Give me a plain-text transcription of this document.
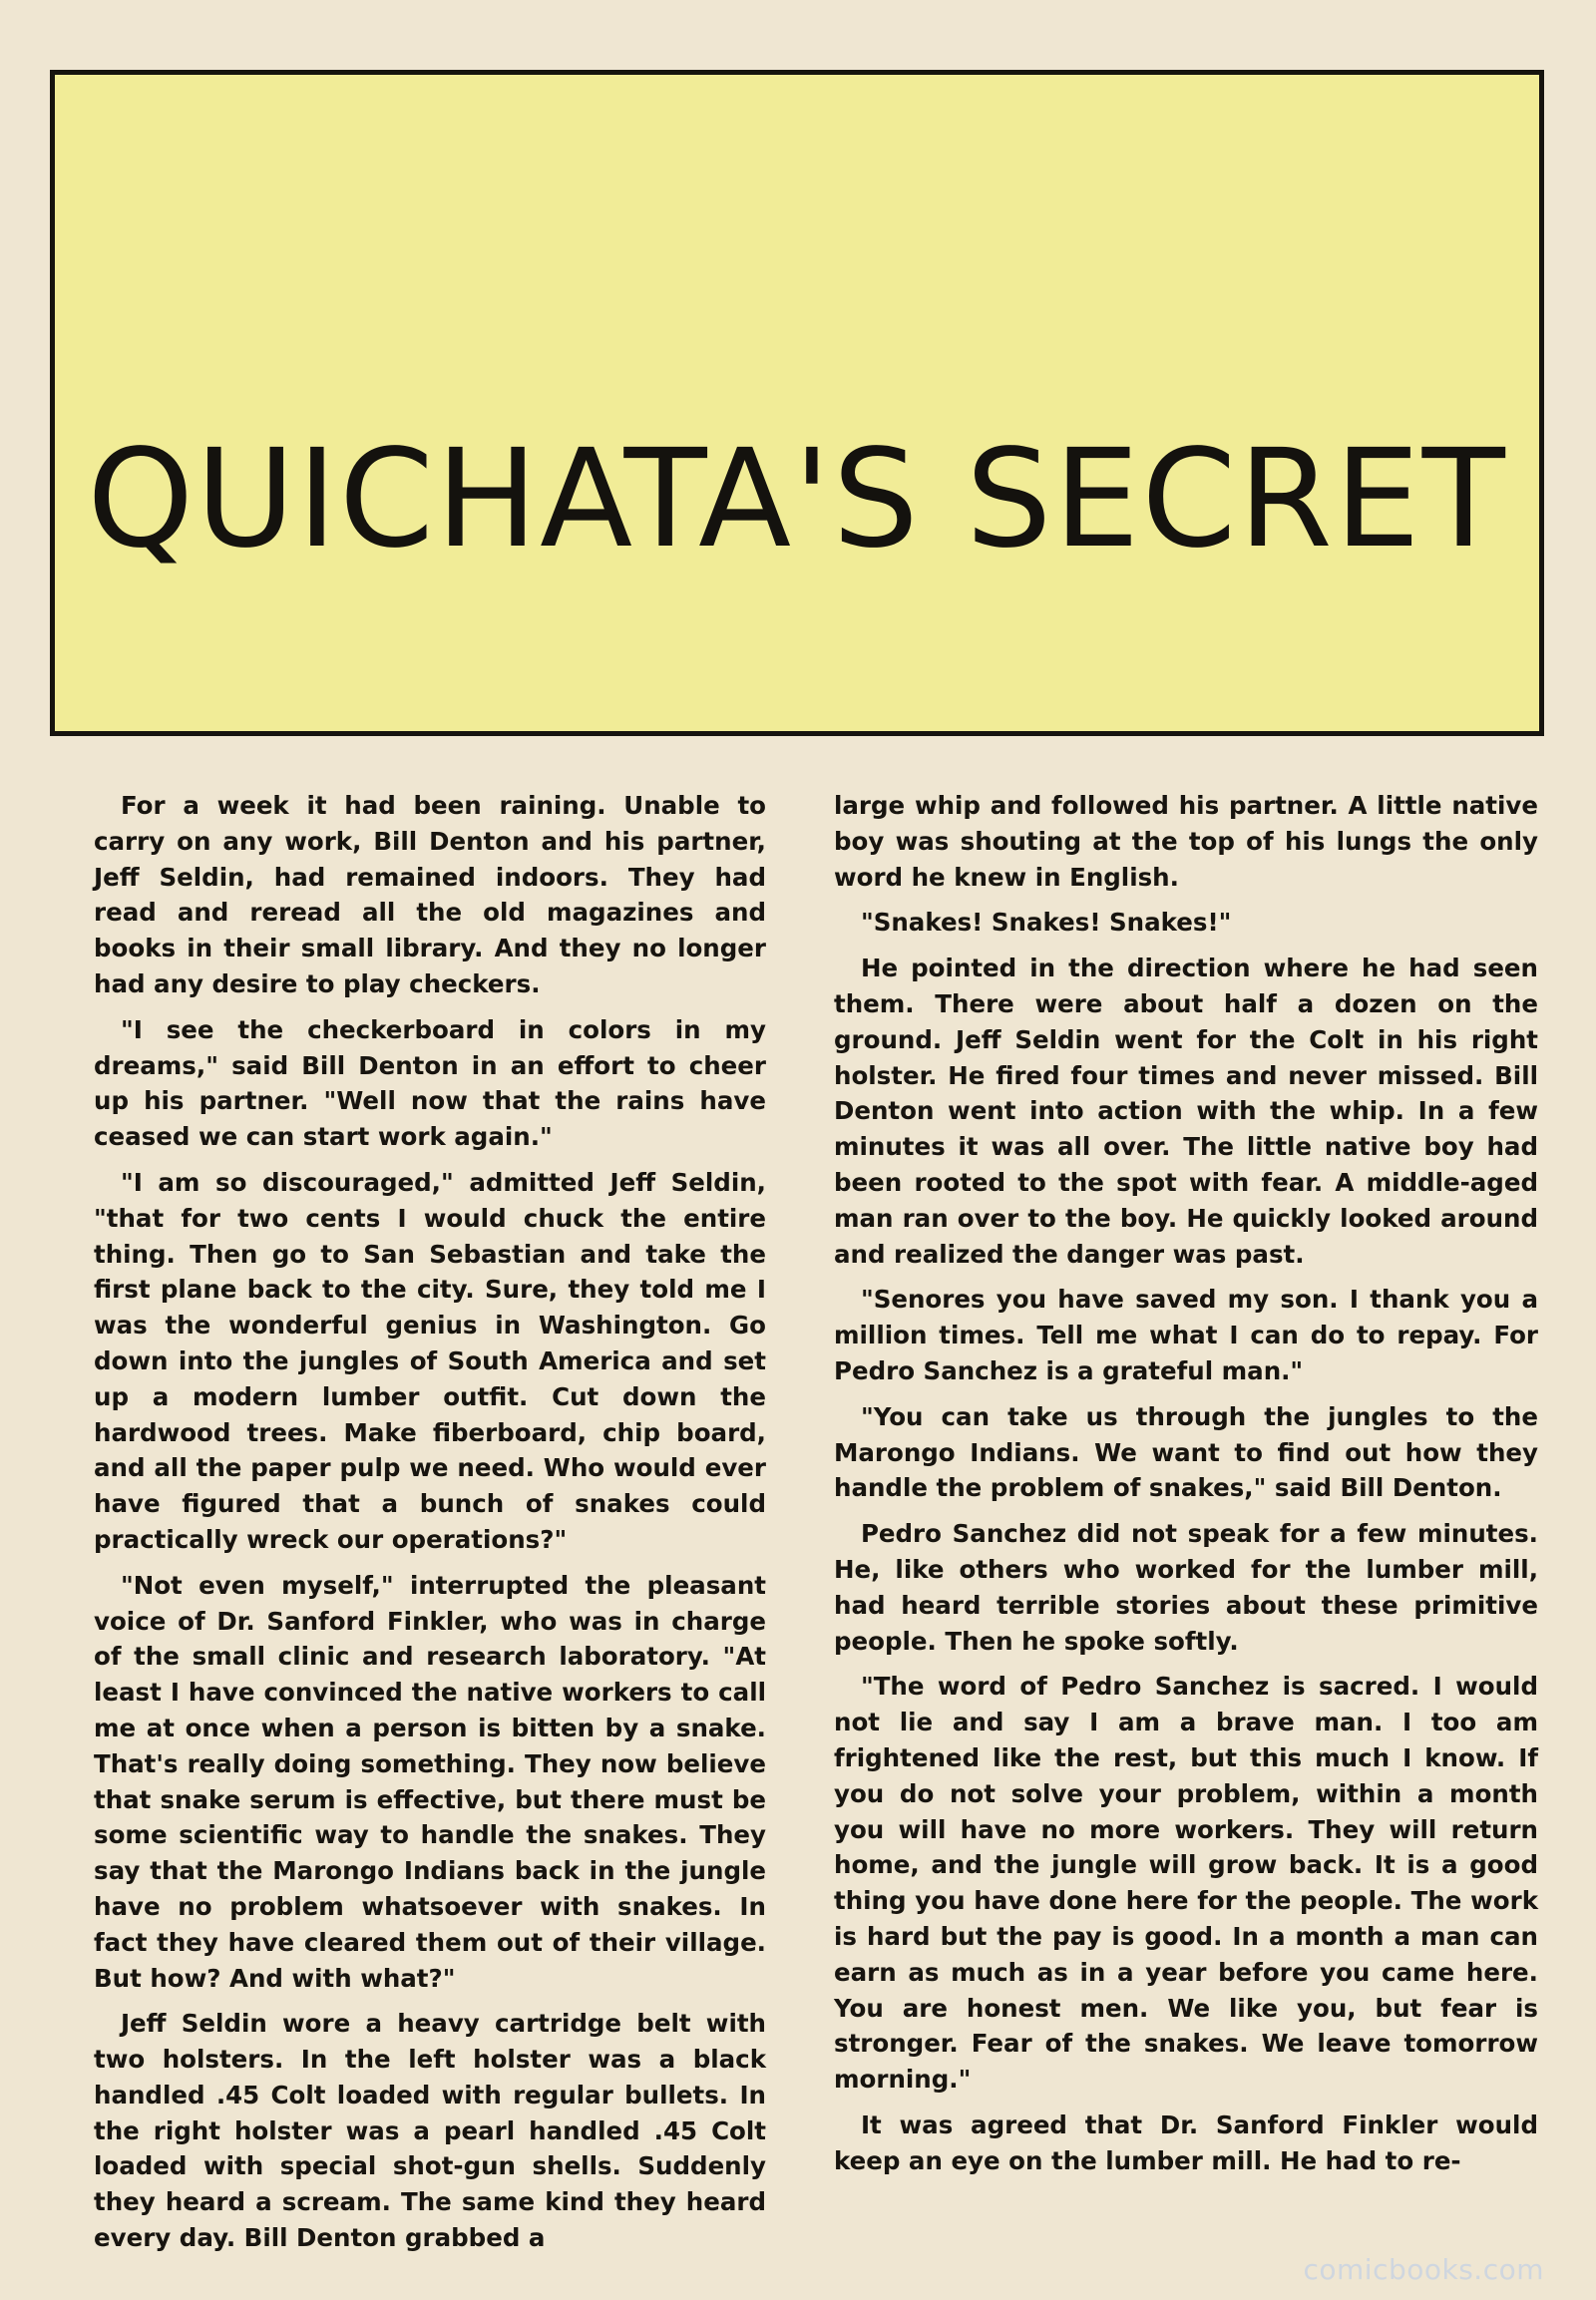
QUICHATA'S SECRET

For a week it had been raining. Unable to carry on any work, Bill Denton and his partner, Jeff Seldin, had remained indoors. They had read and reread all the old magazines and books in their small library. And they no longer had any desire to play checkers.

"I see the checkerboard in colors in my dreams," said Bill Denton in an effort to cheer up his partner. "Well now that the rains have ceased we can start work again."

"I am so discouraged," admitted Jeff Seldin, "that for two cents I would chuck the entire thing. Then go to San Sebastian and take the first plane back to the city. Sure, they told me I was the wonderful genius in Washington. Go down into the jungles of South America and set up a modern lumber outfit. Cut down the hardwood trees. Make fiberboard, chip board, and all the paper pulp we need. Who would ever have figured that a bunch of snakes could practically wreck our operations?"

"Not even myself," interrupted the pleasant voice of Dr. Sanford Finkler, who was in charge of the small clinic and research laboratory. "At least I have convinced the native workers to call me at once when a person is bitten by a snake. That's really doing something. They now believe that snake serum is effective, but there must be some scientific way to handle the snakes. They say that the Marongo Indians back in the jungle have no problem whatsoever with snakes. In fact they have cleared them out of their village. But how? And with what?"

Jeff Seldin wore a heavy cartridge belt with two holsters. In the left holster was a black handled .45 Colt loaded with regular bullets. In the right holster was a pearl handled .45 Colt loaded with special shot-gun shells. Suddenly they heard a scream. The same kind they heard every day. Bill Denton grabbed a

large whip and followed his partner. A little native boy was shouting at the top of his lungs the only word he knew in English.

"Snakes! Snakes! Snakes!"

He pointed in the direction where he had seen them. There were about half a dozen on the ground. Jeff Seldin went for the Colt in his right holster. He fired four times and never missed. Bill Denton went into action with the whip. In a few minutes it was all over. The little native boy had been rooted to the spot with fear. A middle-aged man ran over to the boy. He quickly looked around and realized the danger was past.

"Senores you have saved my son. I thank you a million times. Tell me what I can do to repay. For Pedro Sanchez is a grateful man."

"You can take us through the jungles to the Marongo Indians. We want to find out how they handle the problem of snakes," said Bill Denton.

Pedro Sanchez did not speak for a few minutes. He, like others who worked for the lumber mill, had heard terrible stories about these primitive people. Then he spoke softly.

"The word of Pedro Sanchez is sacred. I would not lie and say I am a brave man. I too am frightened like the rest, but this much I know. If you do not solve your problem, within a month you will have no more workers. They will return home, and the jungle will grow back. It is a good thing you have done here for the people. The work is hard but the pay is good. In a month a man can earn as much as in a year before you came here. You are honest men. We like you, but fear is stronger. Fear of the snakes. We leave tomorrow morning."

It was agreed that Dr. Sanford Finkler would keep an eye on the lumber mill. He had to re-

comicbooks.com
